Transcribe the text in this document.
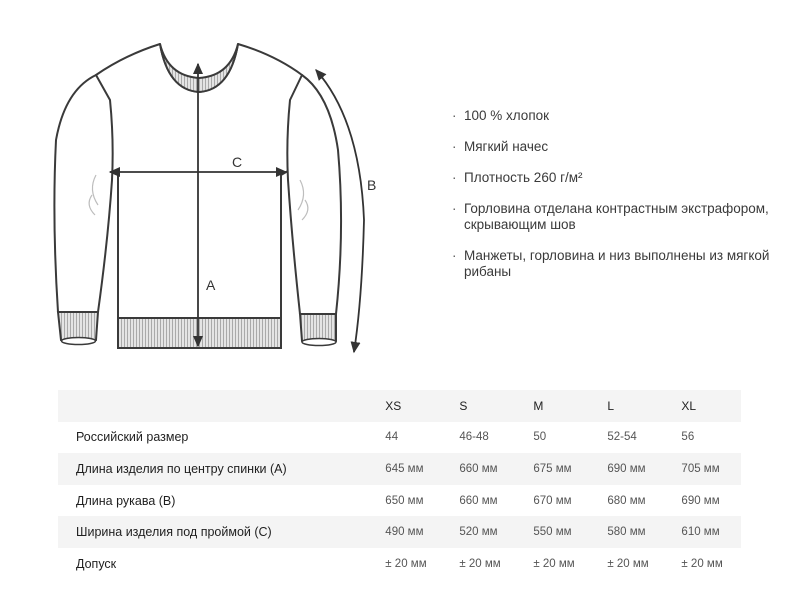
A
C
B
· 100 % хлопок
· Мягкий начес
· Плотность 260 г/м²
· Горловина отделана контрастным экстрафором, скрывающим шов
· Манжеты, горловина и низ выполнены из мягкой рибаны
	XS	S	M	L	XL
Российский размер	44	46-48	50	52-54	56
Длина изделия по центру спинки (A)	645 мм	660 мм	675 мм	690 мм	705 мм
Длина рукава (B)	650 мм	660 мм	670 мм	680 мм	690 мм
Ширина изделия под проймой (C)	490 мм	520 мм	550 мм	580 мм	610 мм
Допуск	± 20 мм	± 20 мм	± 20 мм	± 20 мм	± 20 мм
